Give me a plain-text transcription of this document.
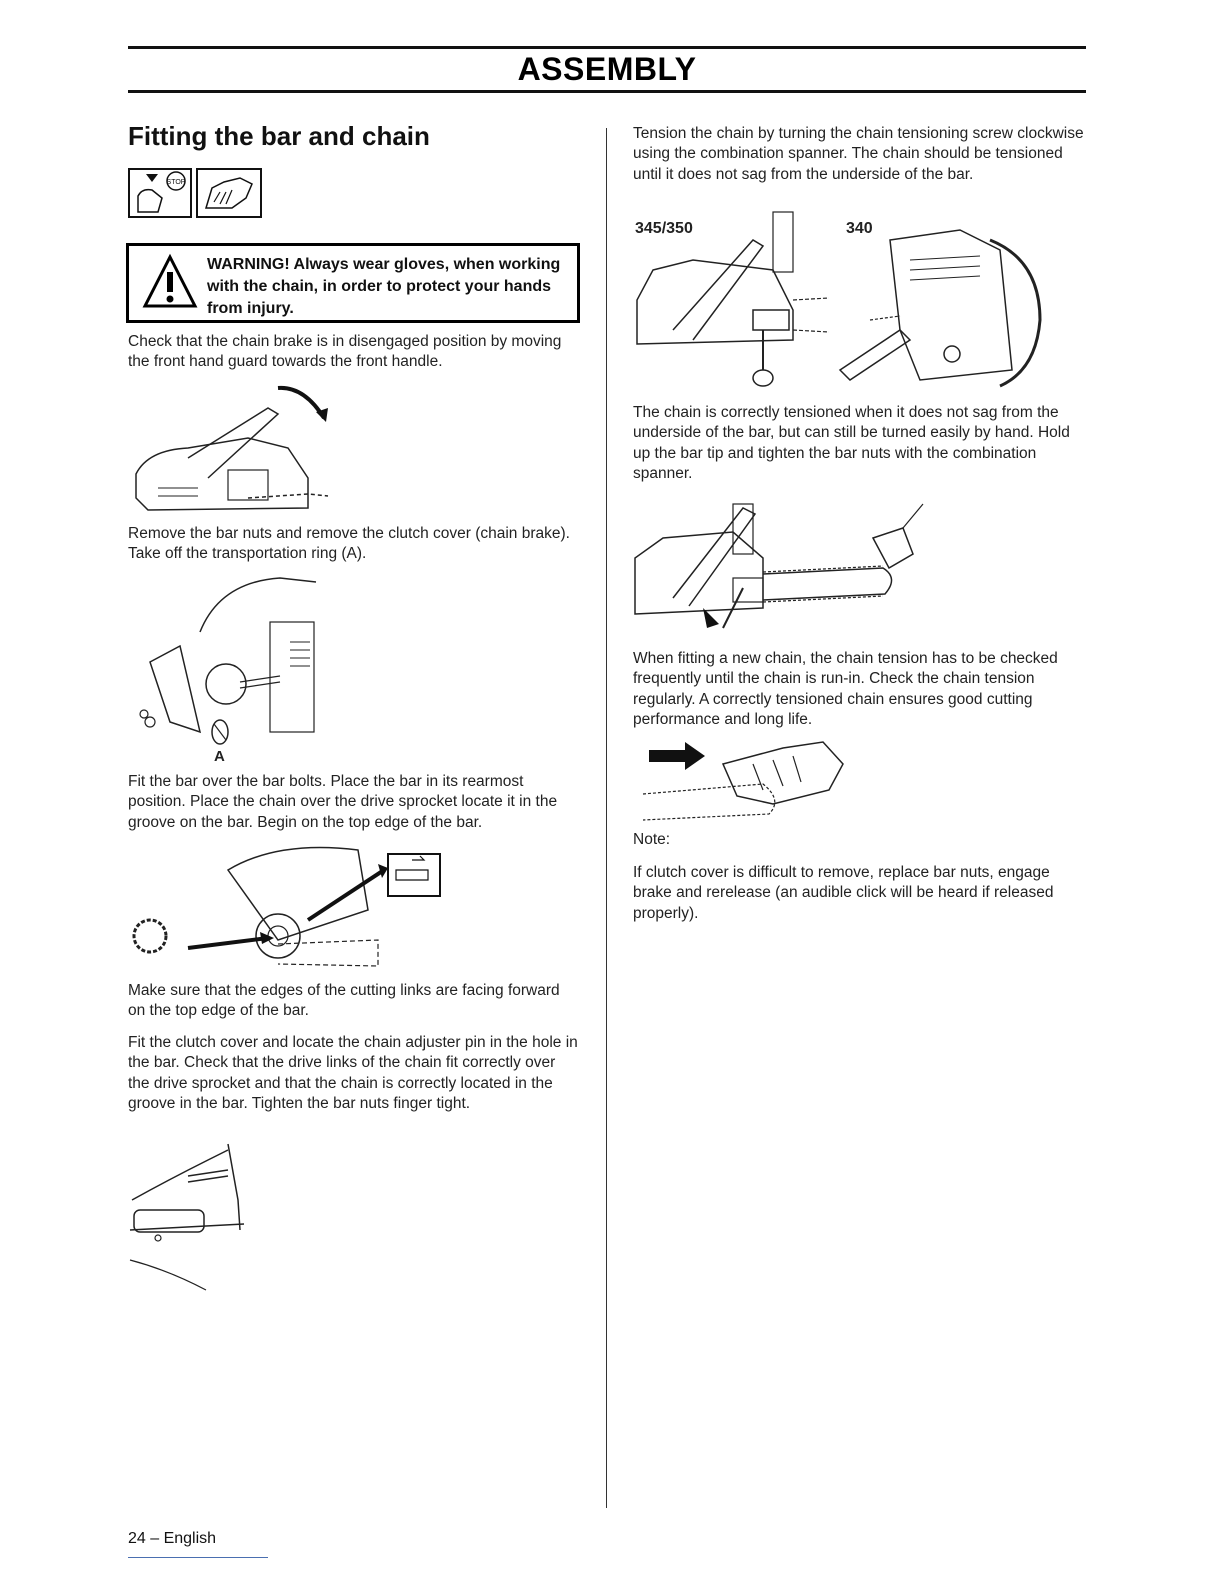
ASSEMBLY
Fitting the bar and chain
STOP
WARNING! Always wear gloves, when working with the chain, in order to protect your hands from injury.

Check that the chain brake is in disengaged position by moving the front hand guard towards the front handle.

Remove the bar nuts and remove the clutch cover (chain brake). Take off the transportation ring (A).

A

Fit the bar over the bar bolts. Place the bar in its rearmost position. Place the chain over the drive sprocket locate it in the groove on the bar. Begin on the top edge of the bar.

Make sure that the edges of the cutting links are facing forward on the top edge of the bar.

Fit the clutch cover and locate the chain adjuster pin in the hole in the bar. Check that the drive links of the chain fit correctly over the drive sprocket and that the chain is correctly located in the groove in the bar. Tighten the bar nuts finger tight.

Tension the chain by turning the chain tensioning screw clockwise using the combination spanner. The chain should be tensioned until it does not sag from the underside of the bar.

345/350	340

The chain is correctly tensioned when it does not sag from the underside of the bar, but can still be turned easily by hand. Hold up the bar tip and tighten the bar nuts with the combination spanner.

When fitting a new chain, the chain tension has to be checked frequently until the chain is run-in. Check the chain tension regularly. A correctly tensioned chain ensures good cutting performance and long life.

Note:

If clutch cover is difficult to remove, replace bar nuts, engage brake and rerelease (an audible click will be heard if released properly).

24 – English
